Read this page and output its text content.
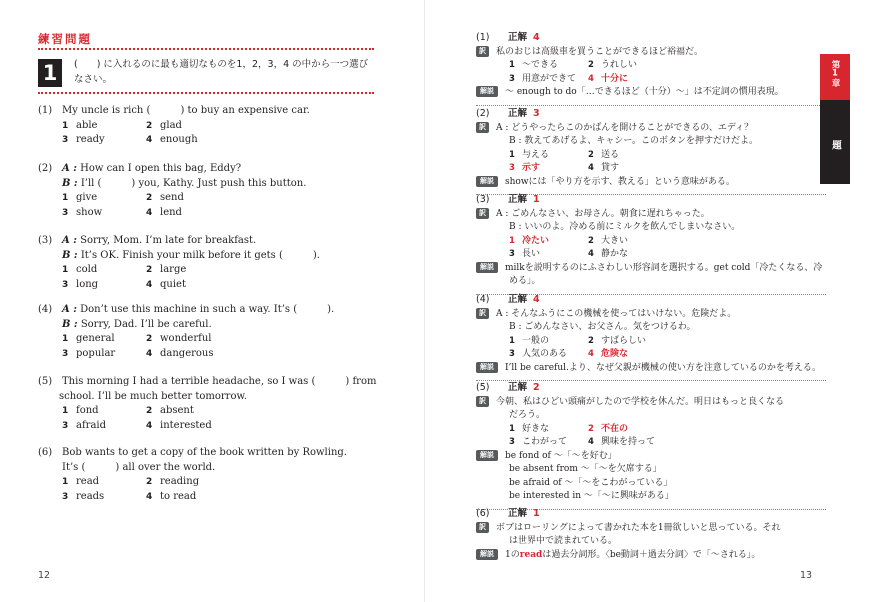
練習問題
1	(　　) に入れるのに最も適切なものを1，2，3，4 の中から一つ選びなさい。
(1) My uncle is rich (　　　) to buy an expensive car.
1 able	2 glad
3 ready	4 enough
(2) A : How can I open this bag, Eddy?
B : I’ll (　　　) you, Kathy. Just push this button.
1 give	2 send
3 show	4 lend
(3) A : Sorry, Mom. I’m late for breakfast.
B : It’s OK. Finish your milk before it gets (　　　).
1 cold	2 large
3 long	4 quiet
(4) A : Don’t use this machine in such a way. It’s (　　　).
B : Sorry, Dad. I’ll be careful.
1 general	2 wonderful
3 popular	4 dangerous
(5) This morning I had a terrible headache, so I was (　　　) from
school. I’ll be much better tomorrow.
1 fond	2 absent
3 afraid	4 interested
(6) Bob wants to get a copy of the book written by Rowling.
It’s (　　　) all over the world.
1 read	2 reading
3 reads	4 to read
12
(1) 正解 4
訳 私のおじは高級車を買うことができるほど裕福だ。
1 〜できる	2 うれしい
3 用意ができて	4 十分に
解説 〜 enough to do「…できるほど（十分）〜」は不定詞の慣用表現。
(2) 正解 3
訳 A : どうやったらこのかばんを開けることができるの、エディ？
B : 教えてあげるよ、キャシー。このボタンを押すだけだよ。
1 与える	2 送る
3 示す	4 貸す
解説 showには「やり方を示す、教える」という意味がある。
(3) 正解 1
訳 A : ごめんなさい、お母さん。朝食に遅れちゃった。
B : いいのよ。冷める前にミルクを飲んでしまいなさい。
1 冷たい	2 大きい
3 長い	4 静かな
解説 milkを説明するのにふさわしい形容詞を選択する。get cold「冷たくなる、冷
める」。
(4) 正解 4
訳 A : そんなふうにこの機械を使ってはいけない。危険だよ。
B : ごめんなさい、お父さん。気をつけるわ。
1 一般の	2 すばらしい
3 人気のある	4 危険な
解説 I’ll be careful.より、なぜ父親が機械の使い方を注意しているのかを考える。
(5) 正解 2
訳 今朝、私はひどい頭痛がしたので学校を休んだ。明日はもっと良くなる
だろう。
1 好きな	2 不在の
3 こわがって	4 興味を持って
解説 be fond of 〜「〜を好む」
be absent from 〜「〜を欠席する」
be afraid of 〜「〜をこわがっている」
be interested in 〜「〜に興味がある」
(6) 正解 1
訳 ボブはローリングによって書かれた本を1冊欲しいと思っている。それ
は世界中で読まれている。
解説 1のreadは過去分詞形。〈be動詞＋過去分詞〉で「〜される」。
13
第1章
短文の穴うめ問題
